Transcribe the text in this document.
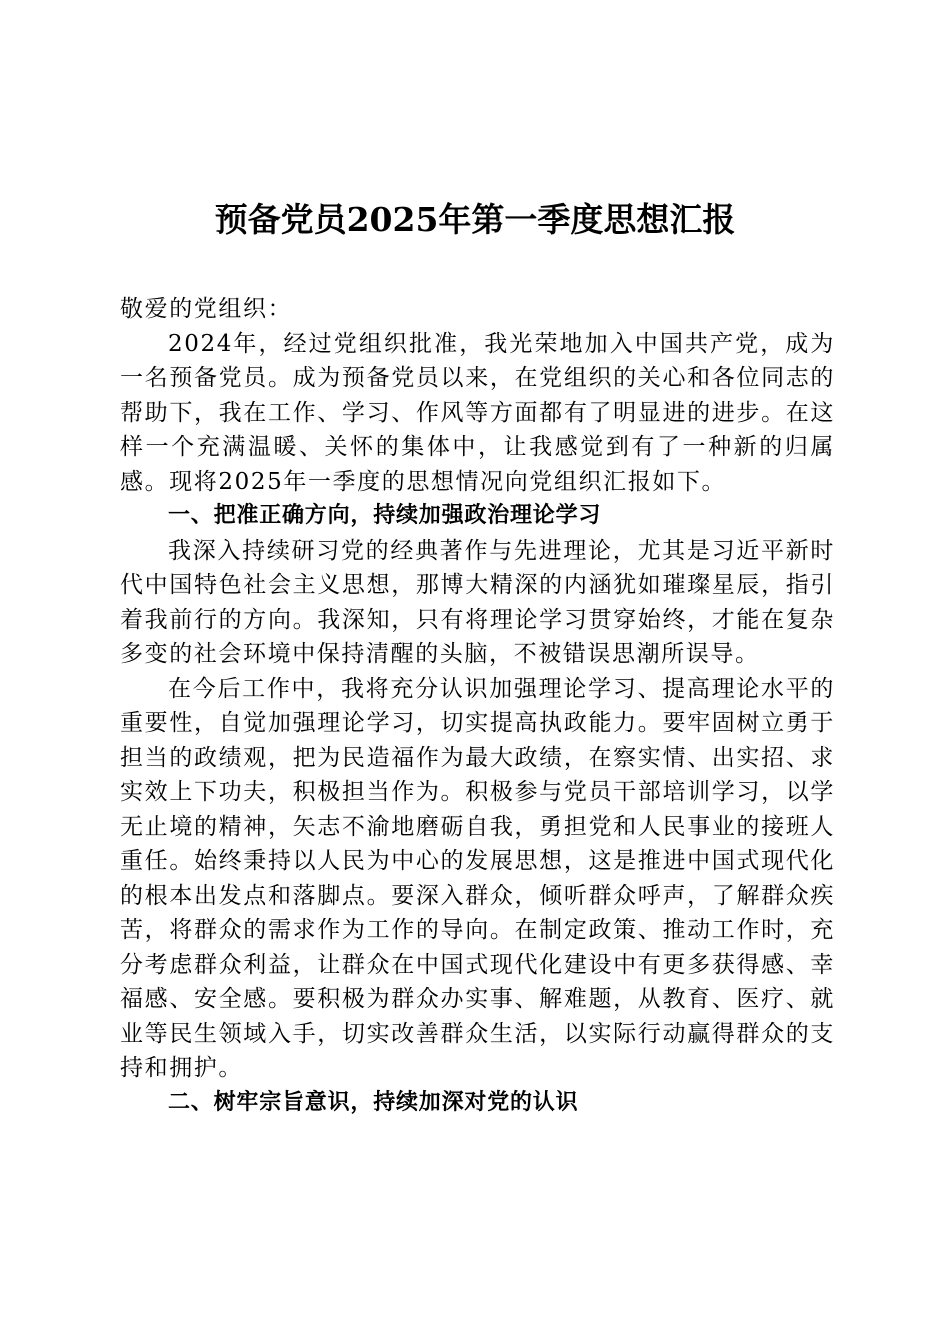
预备党员2025年第一季度思想汇报

敬爱的党组织：

2024年，经过党组织批准，我光荣地加入中国共产党，成为一名预备党员。成为预备党员以来，在党组织的关心和各位同志的帮助下，我在工作、学习、作风等方面都有了明显进的进步。在这样一个充满温暖、关怀的集体中，让我感觉到有了一种新的归属感。现将2025年一季度的思想情况向党组织汇报如下。

一、把准正确方向，持续加强政治理论学习

我深入持续研习党的经典著作与先进理论，尤其是习近平新时代中国特色社会主义思想，那博大精深的内涵犹如璀璨星辰，指引着我前行的方向。我深知，只有将理论学习贯穿始终，才能在复杂多变的社会环境中保持清醒的头脑，不被错误思潮所误导。

在今后工作中，我将充分认识加强理论学习、提高理论水平的重要性，自觉加强理论学习，切实提高执政能力。要牢固树立勇于担当的政绩观，把为民造福作为最大政绩，在察实情、出实招、求实效上下功夫，积极担当作为。积极参与党员干部培训学习，以学无止境的精神，矢志不渝地磨砺自我，勇担党和人民事业的接班人重任。始终秉持以人民为中心的发展思想，这是推进中国式现代化的根本出发点和落脚点。要深入群众，倾听群众呼声，了解群众疾苦，将群众的需求作为工作的导向。在制定政策、推动工作时，充分考虑群众利益，让群众在中国式现代化建设中有更多获得感、幸福感、安全感。要积极为群众办实事、解难题，从教育、医疗、就业等民生领域入手，切实改善群众生活，以实际行动赢得群众的支持和拥护。

二、树牢宗旨意识，持续加深对党的认识
